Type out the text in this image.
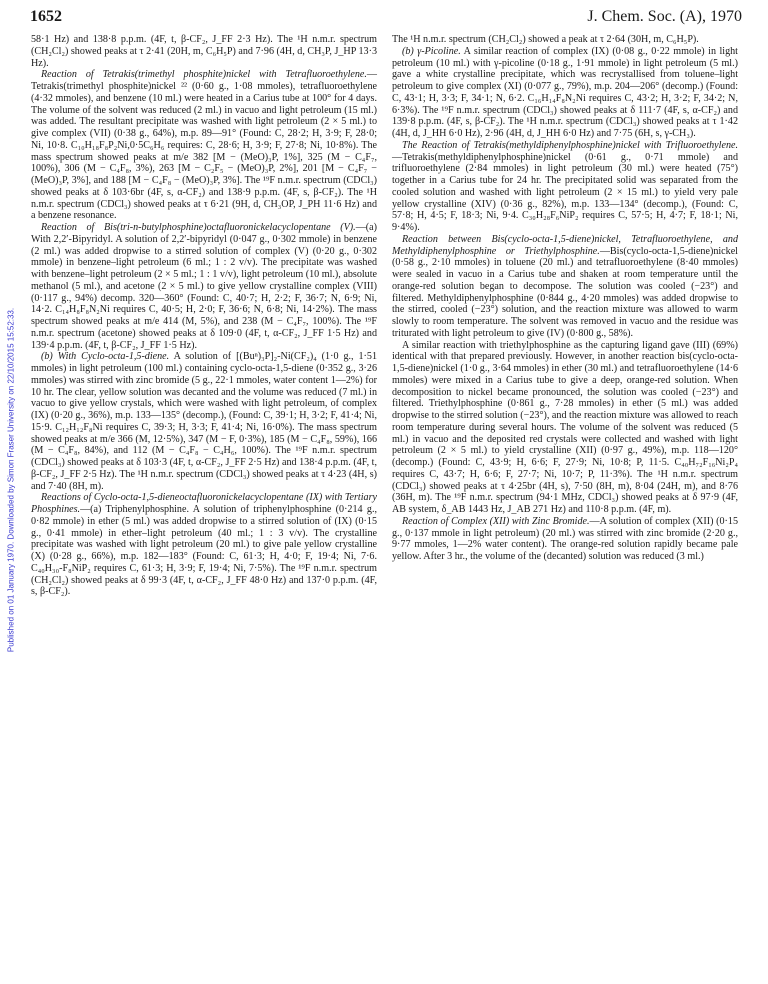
1652	J. Chem. Soc. (A), 1970
Published on 01 January 1970. Downloaded by Simon Fraser University on 22/10/2015 15:52:33.

58·1 Hz) and 138·8 p.p.m. (4F, t, β-CF₂, J_FF 2·3 Hz). The ¹H n.m.r. spectrum (CH₂Cl₂) showed peaks at τ 2·41 (20H, m, C₆H₅P) and 7·96 (4H, d, CH₃P, J_HP 13·3 Hz).

Reaction of Tetrakis(trimethyl phosphite)nickel with Tetrafluoroethylene.—Tetrakis(trimethyl phosphite)nickel ²² (0·60 g., 1·08 mmoles), tetrafluoroethylene (4·32 mmoles), and benzene (10 ml.) were heated in a Carius tube at 100° for 4 days. The volume of the solvent was reduced (2 ml.) in vacuo and light petroleum (15 ml.) was added. The resultant precipitate was washed with light petroleum (2 × 5 ml.) to give complex (VII) (0·38 g., 64%), m.p. 89—91° (Found: C, 28·2; H, 3·9; F, 28·0; Ni, 10·8. C₁₀H₁₈F₈P₂Ni,0·5C₆H₆ requires: C, 28·6; H, 3·9; F, 27·8; Ni, 10·8%). The mass spectrum showed peaks at m/e 382 [M − (MeO)₃P, 1%], 325 (M − C₄F₇, 100%), 306 (M − C₄F₈, 3%), 263 [M − C₂F₅ − (MeO)₃P, 2%], 201 [M − C₄F₇ − (MeO)₃P, 3%], and 188 [M − C₄F₈ − (MeO)₃P, 3%]. The ¹⁹F n.m.r. spectrum (CDCl₃) showed peaks at δ 103·6br (4F, s, α-CF₂) and 138·9 p.p.m. (4F, s, β-CF₂). The ¹H n.m.r. spectrum (CDCl₃) showed peaks at τ 6·21 (9H, d, CH₃OP, J_PH 11·6 Hz) and a benzene resonance.

Reaction of Bis(tri-n-butylphosphine)octafluoronickelacyclopentane (V).—(a) With 2,2′-Bipyridyl. A solution of 2,2′-bipyridyl (0·047 g., 0·302 mmole) in benzene (2 ml.) was added dropwise to a stirred solution of complex (V) (0·20 g., 0·302 mmole) in benzene–light petroleum (6 ml.; 1 : 2 v/v). The precipitate was washed with benzene–light petroleum (2 × 5 ml.; 1 : 1 v/v), light petroleum (10 ml.), absolute methanol (5 ml.), and acetone (2 × 5 ml.) to give yellow crystalline complex (VIII) (0·117 g., 94%) decomp. 320—360° (Found: C, 40·7; H, 2·2; F, 36·7; N, 6·9; Ni, 14·2. C₁₄H₈F₈N₂Ni requires C, 40·5; H, 2·0; F, 36·6; N, 6·8; Ni, 14·2%). The mass spectrum showed peaks at m/e 414 (M, 5%), and 238 (M − C₄F₇, 100%). The ¹⁹F n.m.r. spectrum (acetone) showed peaks at δ 109·0 (4F, t, α-CF₂, J_FF 1·5 Hz) and 139·4 p.p.m. (4F, t, β-CF₂, J_FF 1·5 Hz).

(b) With Cyclo-octa-1,5-diene. A solution of [(Buⁿ)₃P]₂-Ni(CF₂)₄ (1·0 g., 1·51 mmoles) in light petroleum (100 ml.) containing cyclo-octa-1,5-diene (0·352 g., 3·26 mmoles) was stirred with zinc bromide (5 g., 22·1 mmoles, water content 1—2%) for 10 hr. The clear, yellow solution was decanted and the volume was reduced (7 ml.) in vacuo to give yellow crystals, which were washed with light petroleum, of complex (IX) (0·20 g., 36%), m.p. 133—135° (decomp.), (Found: C, 39·1; H, 3·2; F, 41·4; Ni, 15·9. C₁₂H₁₂F₈Ni requires C, 39·3; H, 3·3; F, 41·4; Ni, 16·0%). The mass spectrum showed peaks at m/e 366 (M, 12·5%), 347 (M − F, 0·3%), 185 (M − C₄F₈, 59%), 166 (M − C₄F₈, 84%), and 112 (M − C₄F₈ − C₄H₆, 100%). The ¹⁹F n.m.r. spectrum (CDCl₃) showed peaks at δ 103·3 (4F, t, α-CF₂, J_FF 2·5 Hz) and 138·4 p.p.m. (4F, t, β-CF₂, J_FF 2·5 Hz). The ¹H n.m.r. spectrum (CDCl₃) showed peaks at τ 4·23 (4H, s) and 7·40 (8H, m).

Reactions of Cyclo-octa-1,5-dieneoctafluoronickelacyclopentane (IX) with Tertiary Phosphines.—(a) Triphenylphosphine. A solution of triphenylphosphine (0·214 g., 0·82 mmole) in ether (5 ml.) was added dropwise to a stirred solution of (IX) (0·15 g., 0·41 mmole) in ether–light petroleum (40 ml.; 1 : 3 v/v). The crystalline precipitate was washed with light petroleum (20 ml.) to give pale yellow crystalline (X) (0·28 g., 66%), m.p. 182—183° (Found: C, 61·3; H, 4·0; F, 19·4; Ni, 7·6. C₄₀H₃₀-F₈NiP₂ requires C, 61·3; H, 3·9; F, 19·4; Ni, 7·5%). The ¹⁹F n.m.r. spectrum (CH₂Cl₂) showed peaks at δ 99·3 (4F, t, α-CF₂, J_FF 48·0 Hz) and 137·0 p.p.m. (4F, s, β-CF₂).

The ¹H n.m.r. spectrum (CH₂Cl₂) showed a peak at τ 2·64 (30H, m, C₆H₅P).

(b) γ-Picoline. A similar reaction of complex (IX) (0·08 g., 0·22 mmole) in light petroleum (10 ml.) with γ-picoline (0·18 g., 1·91 mmole) in light petroleum (5 ml.) gave a white crystalline precipitate, which was recrystallised from toluene–light petroleum to give complex (XI) (0·077 g., 79%), m.p. 204—206° (decomp.) (Found: C, 43·1; H, 3·3; F, 34·1; N, 6·2. C₁₆H₁₄F₈N₂Ni requires C, 43·2; H, 3·2; F, 34·2; N, 6·3%). The ¹⁹F n.m.r. spectrum (CDCl₃) showed peaks at δ 111·7 (4F, s, α-CF₂) and 139·8 p.p.m. (4F, s, β-CF₂). The ¹H n.m.r. spectrum (CDCl₃) showed peaks at τ 1·42 (4H, d, J_HH 6·0 Hz), 2·96 (4H, d, J_HH 6·0 Hz) and 7·75 (6H, s, γ-CH₃).

The Reaction of Tetrakis(methyldiphenylphosphine)nickel with Trifluoroethylene.—Tetrakis(methyldiphenylphosphine)nickel (0·61 g., 0·71 mmole) and trifluoroethylene (2·84 mmoles) in light petroleum (30 ml.) were heated (75°) together in a Carius tube for 24 hr. The precipitated solid was separated from the cooled solution and washed with light petroleum (2 × 15 ml.) to yield very pale yellow crystalline (XIV) (0·36 g., 82%), m.p. 133—134° (decomp.), (Found: C, 57·8; H, 4·5; F, 18·3; Ni, 9·4. C₃₀H₂₈F₆NiP₂ requires C, 57·5; H, 4·7; F, 18·1; Ni, 9·4%).

Reaction between Bis(cyclo-octa-1,5-diene)nickel, Tetrafluoroethylene, and Methyldiphenylphosphine or Triethylphosphine.—Bis(cyclo-octa-1,5-diene)nickel (0·58 g., 2·10 mmoles) in toluene (20 ml.) and tetrafluoroethylene (8·40 mmoles) were sealed in vacuo in a Carius tube and shaken at room temperature until the orange-red solution began to decompose. The solution was cooled (−23°) and filtered. Methyldiphenylphosphine (0·844 g., 4·20 mmoles) was added dropwise to the stirred, cooled (−23°) solution, and the reaction mixture was allowed to warm slowly to room temperature. The solvent was removed in vacuo and the residue was triturated with light petroleum to give (IV) (0·800 g., 58%).

A similar reaction with triethylphosphine as the capturing ligand gave (III) (69%) identical with that prepared previously. However, in another reaction bis(cyclo-octa-1,5-diene)nickel (1·0 g., 3·64 mmoles) in ether (30 ml.) and tetrafluoroethylene (14·6 mmoles) were mixed in a Carius tube to give a deep, orange-red solution. When decomposition to nickel became pronounced, the solution was cooled (−23°) and filtered. Triethylphosphine (0·861 g., 7·28 mmoles) in ether (5 ml.) was added dropwise to the stirred solution (−23°), and the reaction mixture was allowed to reach room temperature during several hours. The volume of the solvent was reduced (5 ml.) in vacuo and the deposited red crystals were collected and washed with light petroleum (2 × 5 ml.) to yield crystalline (XII) (0·97 g., 49%), m.p. 118—120° (decomp.) (Found: C, 43·9; H, 6·6; F, 27·9; Ni, 10·8; P, 11·5. C₄₀H₇₂F₁₆Ni₂P₄ requires C, 43·7; H, 6·6; F, 27·7; Ni, 10·7; P, 11·3%). The ¹H n.m.r. spectrum (CDCl₃) showed peaks at τ 4·25br (4H, s), 7·50 (8H, m), 8·04 (24H, m), and 8·76 (36H, m). The ¹⁹F n.m.r. spectrum (94·1 MHz, CDCl₃) showed peaks at δ 97·9 (4F, AB system, δ_AB 1443 Hz, J_AB 271 Hz) and 110·8 p.p.m. (4F, m).

Reaction of Complex (XII) with Zinc Bromide.—A solution of complex (XII) (0·15 g., 0·137 mmole in light petroleum) (20 ml.) was stirred with zinc bromide (2·20 g., 9·77 mmoles, 1—2% water content). The orange-red solution rapidly became pale yellow. After 3 hr., the volume of the (decanted) solution was reduced (3 ml.)
